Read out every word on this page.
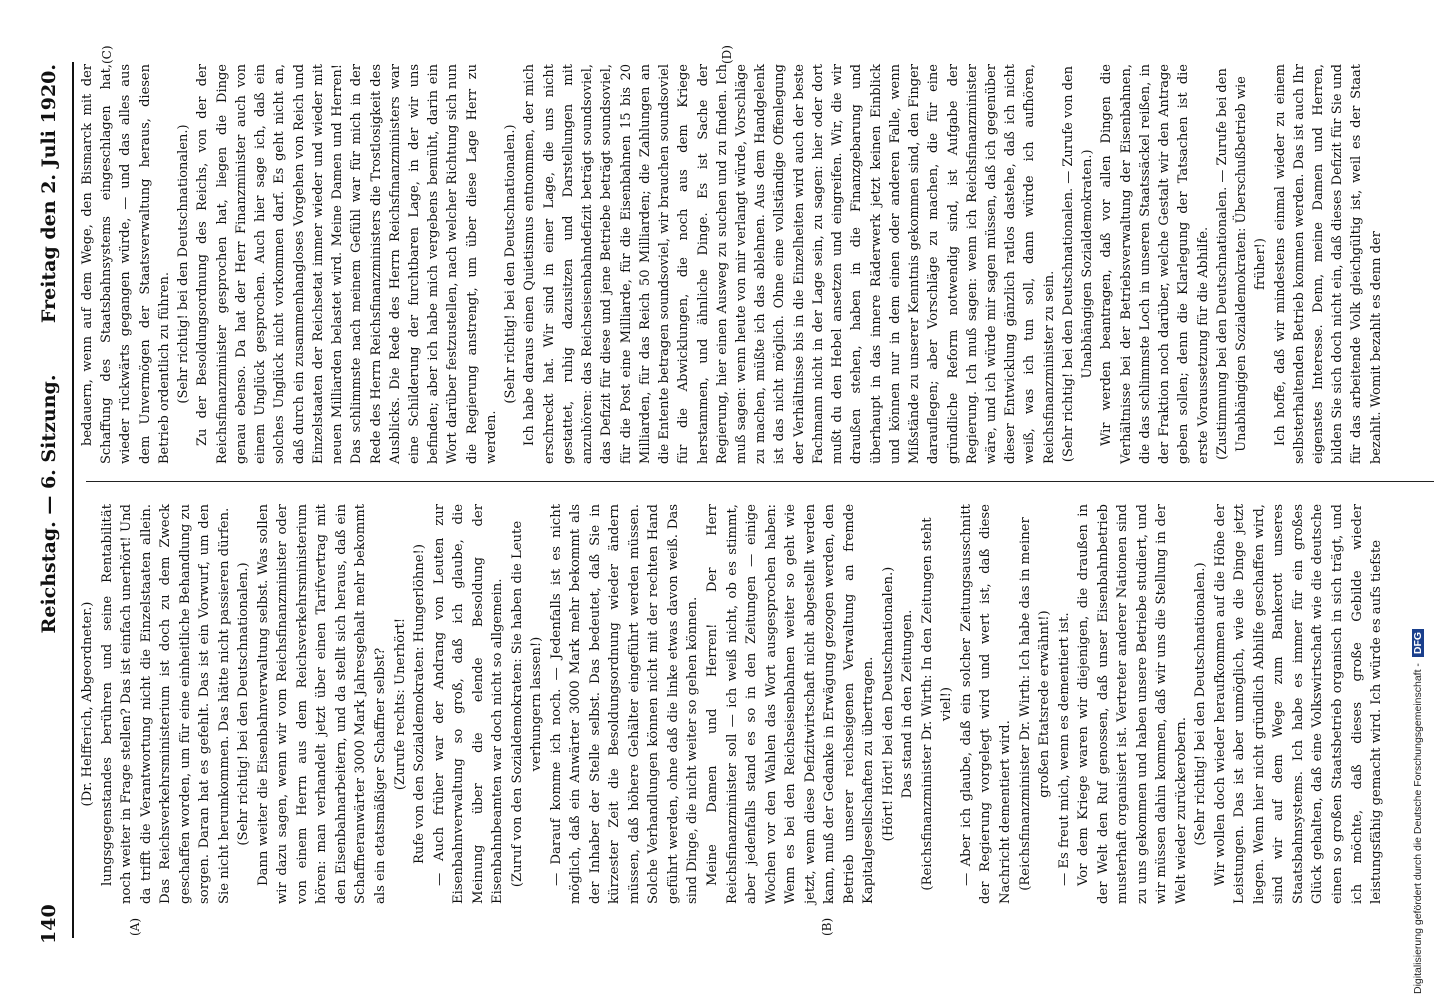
140
Reichstag. — 6. Sitzung.
Freitag den 2. Juli 1920.
(A)	(B)
(C)	(D)

(Dr. Helfferich, Abgeordneter.) lungsgegenstandes berühren und seine Rentabilität noch weiter in Frage stellen? Das ist einfach unerhört! Und da trifft die Verantwortung nicht die Einzelstaaten allein. Das Reichsverkehrsministerium ist doch zu dem Zweck geschaffen worden, um für eine einheitliche Behandlung zu sorgen. Daran hat es gefehlt. Das ist ein Vorwurf, um den Sie nicht herumkommen. Das hätte nicht passieren dürfen. (Sehr richtig! bei den Deutschnationalen.) Dann weiter die Eisenbahnverwaltung selbst. Was sollen wir dazu sagen, wenn wir vom Reichsfinanzminister oder von einem Herrn aus dem Reichsverkehrsministerium hören: man verhandelt jetzt über einen Tarifvertrag mit den Eisenbahnarbeitern, und da stellt sich heraus, daß ein Schaffneranwärter 3000 Mark Jahresgehalt mehr bekommt als ein etatsmäßiger Schaffner selbst? (Zurufe rechts: Unerhört! Rufe von den Sozialdemokraten: Hungerlöhne!) — Auch früher war der Andrang von Leuten zur Eisenbahnverwaltung so groß, daß ich glaube, die Meinung über die elende Besoldung der Eisenbahnbeamten war doch nicht so allgemein. (Zuruf von den Sozialdemokraten: Sie haben die Leute verhungern lassen!) — Darauf komme ich noch. — Jedenfalls ist es nicht möglich, daß ein Anwärter 3000 Mark mehr bekommt als der Inhaber der Stelle selbst. Das bedeutet, daß Sie in kürzester Zeit die Besoldungsordnung wieder ändern müssen, daß höhere Gehälter eingeführt werden müssen. Solche Verhandlungen können nicht mit der rechten Hand geführt werden, ohne daß die linke etwas davon weiß. Das sind Dinge, die nicht weiter so gehen können. Meine Damen und Herren! Der Herr Reichsfinanzminister soll — ich weiß nicht, ob es stimmt, aber jedenfalls stand es so in den Zeitungen — einige Wochen vor den Wahlen das Wort ausgesprochen haben: Wenn es bei den Reichseisenbahnen weiter so geht wie jetzt, wenn diese Defizitwirtschaft nicht abgestellt werden kann, muß der Gedanke in Erwägung gezogen werden, den Betrieb unserer reichseigenen Verwaltung an fremde Kapitalgesellschaften zu übertragen. (Hört! Hört! bei den Deutschnationalen.) Das stand in den Zeitungen. (Reichsfinanzminister Dr. Wirth: In den Zeitungen steht viel!) — Aber ich glaube, daß ein solcher Zeitungsausschnitt der Regierung vorgelegt wird und wert ist, daß diese Nachricht dementiert wird. (Reichsfinanzminister Dr. Wirth: Ich habe das in meiner großen Etatsrede erwähnt!) — Es freut mich, wenn es dementiert ist. Vor dem Kriege waren wir diejenigen, die draußen in der Welt den Ruf genossen, daß unser Eisenbahnbetrieb musterhaft organisiert ist. Vertreter anderer Nationen sind zu uns gekommen und haben unsere Betriebe studiert, und wir müssen dahin kommen, daß wir uns die Stellung in der Welt wieder zurückerobern. (Sehr richtig! bei den Deutschnationalen.) Wir wollen doch wieder heraufkommen auf die Höhe der Leistungen. Das ist aber unmöglich, wie die Dinge jetzt liegen. Wenn hier nicht gründlich Abhilfe geschaffen wird, sind wir auf dem Wege zum Bankerott unseres Staatsbahnsystems. Ich habe es immer für ein großes Glück gehalten, daß eine Volkswirtschaft wie die deutsche einen so großen Staatsbetrieb organisch in sich trägt, und ich möchte, daß dieses große Gebilde wieder leistungsfähig gemacht wird. Ich würde es aufs tiefste

bedauern, wenn auf dem Wege, den Bismarck mit der Schaffung des Staatsbahnsystems eingeschlagen hat, wieder rückwärts gegangen würde, — und das alles aus dem Unvermögen der Staatsverwaltung heraus, diesen Betrieb ordentlich zu führen. (Sehr richtig! bei den Deutschnationalen.) Zu der Besoldungsordnung des Reichs, von der der Reichsfinanzminister gesprochen hat, liegen die Dinge genau ebenso. Da hat der Herr Finanzminister auch von einem Unglück gesprochen. Auch hier sage ich, daß ein solches Unglück nicht vorkommen darf. Es geht nicht an, daß durch ein zusammenhangloses Vorgehen von Reich und Einzelstaaten der Reichsetat immer wieder und wieder mit neuen Milliarden belastet wird. Meine Damen und Herren! Das schlimmste nach meinem Gefühl war für mich in der Rede des Herrn Reichsfinanzministers die Trostlosigkeit des Ausblicks. Die Rede des Herrn Reichsfinanzministers war eine Schilderung der furchtbaren Lage, in der wir uns befinden; aber ich habe mich vergebens bemüht, darin ein Wort darüber festzustellen, nach welcher Richtung sich nun die Regierung anstrengt, um über diese Lage Herr zu werden.

(Sehr richtig! bei den Deutschnationalen.) Ich habe daraus einen Quietismus entnommen, der mich erschreckt hat. Wir sind in einer Lage, die uns nicht gestattet, ruhig dazusitzen und Darstellungen mit anzuhören: das Reichseisenbahndefizit beträgt soundsoviel, das Defizit für diese und jene Betriebe beträgt soundsoviel, für die Post eine Milliarde, für die Eisenbahnen 15 bis 20 Milliarden, für das Reich 50 Milliarden; die Zahlungen an die Entente betragen soundsoviel, wir brauchen soundsoviel für die Abwicklungen, die noch aus dem Kriege herstammen, und ähnliche Dinge. Es ist Sache der Regierung, hier einen Ausweg zu suchen und zu finden. Ich muß sagen: wenn heute von mir verlangt würde, Vorschläge zu machen, müßte ich das ablehnen. Aus dem Handgelenk ist das nicht möglich. Ohne eine vollständige Offenlegung der Verhältnisse bis in die Einzelheiten wird auch der beste Fachmann nicht in der Lage sein, zu sagen: hier oder dort mußt du den Hebel ansetzen und eingreifen. Wir, die wir draußen stehen, haben in die Finanzgebarung und überhaupt in das innere Räderwerk jetzt keinen Einblick und können nur in dem einen oder anderen Falle, wenn Mißstände zu unserer Kenntnis gekommen sind, den Finger darauflegen; aber Vorschläge zu machen, die für eine gründliche Reform notwendig sind, ist Aufgabe der Regierung. Ich muß sagen: wenn ich Reichsfinanzminister wäre, und ich würde mir sagen müssen, daß ich gegenüber dieser Entwicklung gänzlich ratlos dastehe, daß ich nicht weiß, was ich tun soll, dann würde ich aufhören, Reichsfinanzminister zu sein. (Sehr richtig! bei den Deutschnationalen. — Zurufe von den Unabhängigen Sozialdemokraten.) Wir werden beantragen, daß vor allen Dingen die Verhältnisse bei der Betriebsverwaltung der Eisenbahnen, die das schlimmste Loch in unseren Staatssäckel reißen, in der Fraktion noch darüber, welche Gestalt wir den Antrage geben sollen; denn die Klarlegung der Tatsachen ist die erste Voraussetzung für die Abhilfe. (Zustimmung bei den Deutschnationalen. — Zurufe bei den Unabhängigen Sozialdemokraten: Überschußbetrieb wie früher!) Ich hoffe, daß wir mindestens einmal wieder zu einem selbsterhaltenden Betrieb kommen werden. Das ist auch Ihr eigenstes Interesse. Denn, meine Damen und Herren, bilden Sie sich doch nicht ein, daß dieses Defizit für Sie und für das arbeitende Volk gleichgültig ist, weil es der Staat bezahlt. Womit bezahlt es denn der

Digitalisierung gefördert durch die Deutsche Forschungsgemeinschaft -DFG
